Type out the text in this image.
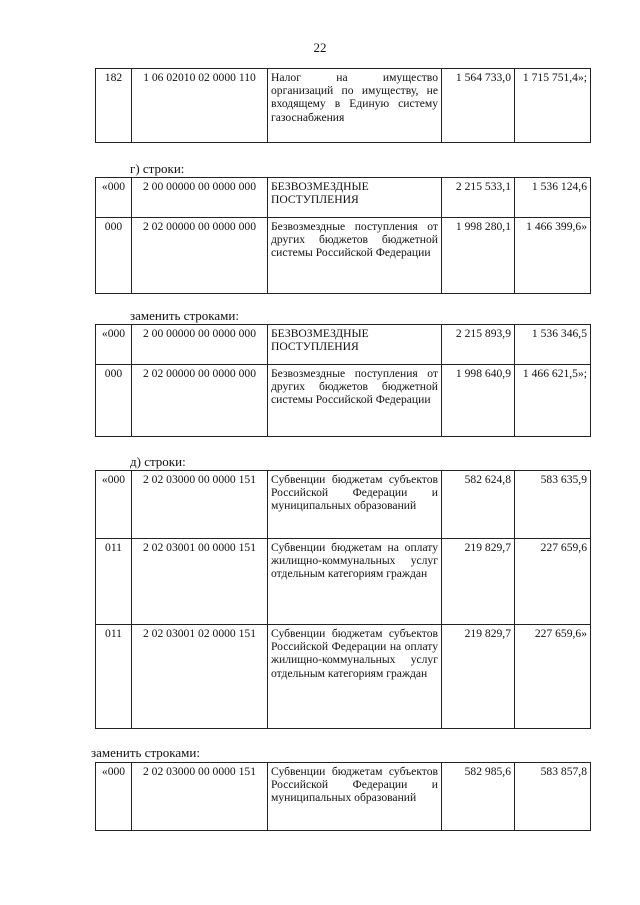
22
182	1 06 02010 02 0000 110	Налог на имущество организаций по имуществу, не входящему в Единую систему газоснабжения	1 564 733,0	1 715 751,4»;
г) строки:
«000	2 00 00000 00 0000 000	БЕЗВОЗМЕЗДНЫЕ ПОСТУПЛЕНИЯ	2 215 533,1	1 536 124,6
000	2 02 00000 00 0000 000	Безвозмездные поступления от других бюджетов бюджетной системы Российской Федерации	1 998 280,1	1 466 399,6»
заменить строками:
«000	2 00 00000 00 0000 000	БЕЗВОЗМЕЗДНЫЕ ПОСТУПЛЕНИЯ	2 215 893,9	1 536 346,5
000	2 02 00000 00 0000 000	Безвозмездные поступления от других бюджетов бюджетной системы Российской Федерации	1 998 640,9	1 466 621,5»;
д) строки:
«000	2 02 03000 00 0000 151	Субвенции бюджетам субъектов Российской Федерации и муниципальных образований	582 624,8	583 635,9
011	2 02 03001 00 0000 151	Субвенции бюджетам на оплату жилищно-коммунальных услуг отдельным категориям граждан	219 829,7	227 659,6
011	2 02 03001 02 0000 151	Субвенции бюджетам субъектов Российской Федерации на оплату жилищно-коммунальных услуг отдельным категориям граждан	219 829,7	227 659,6»
заменить строками:
«000	2 02 03000 00 0000 151	Субвенции бюджетам субъектов Российской Федерации и муниципальных образований	582 985,6	583 857,8
